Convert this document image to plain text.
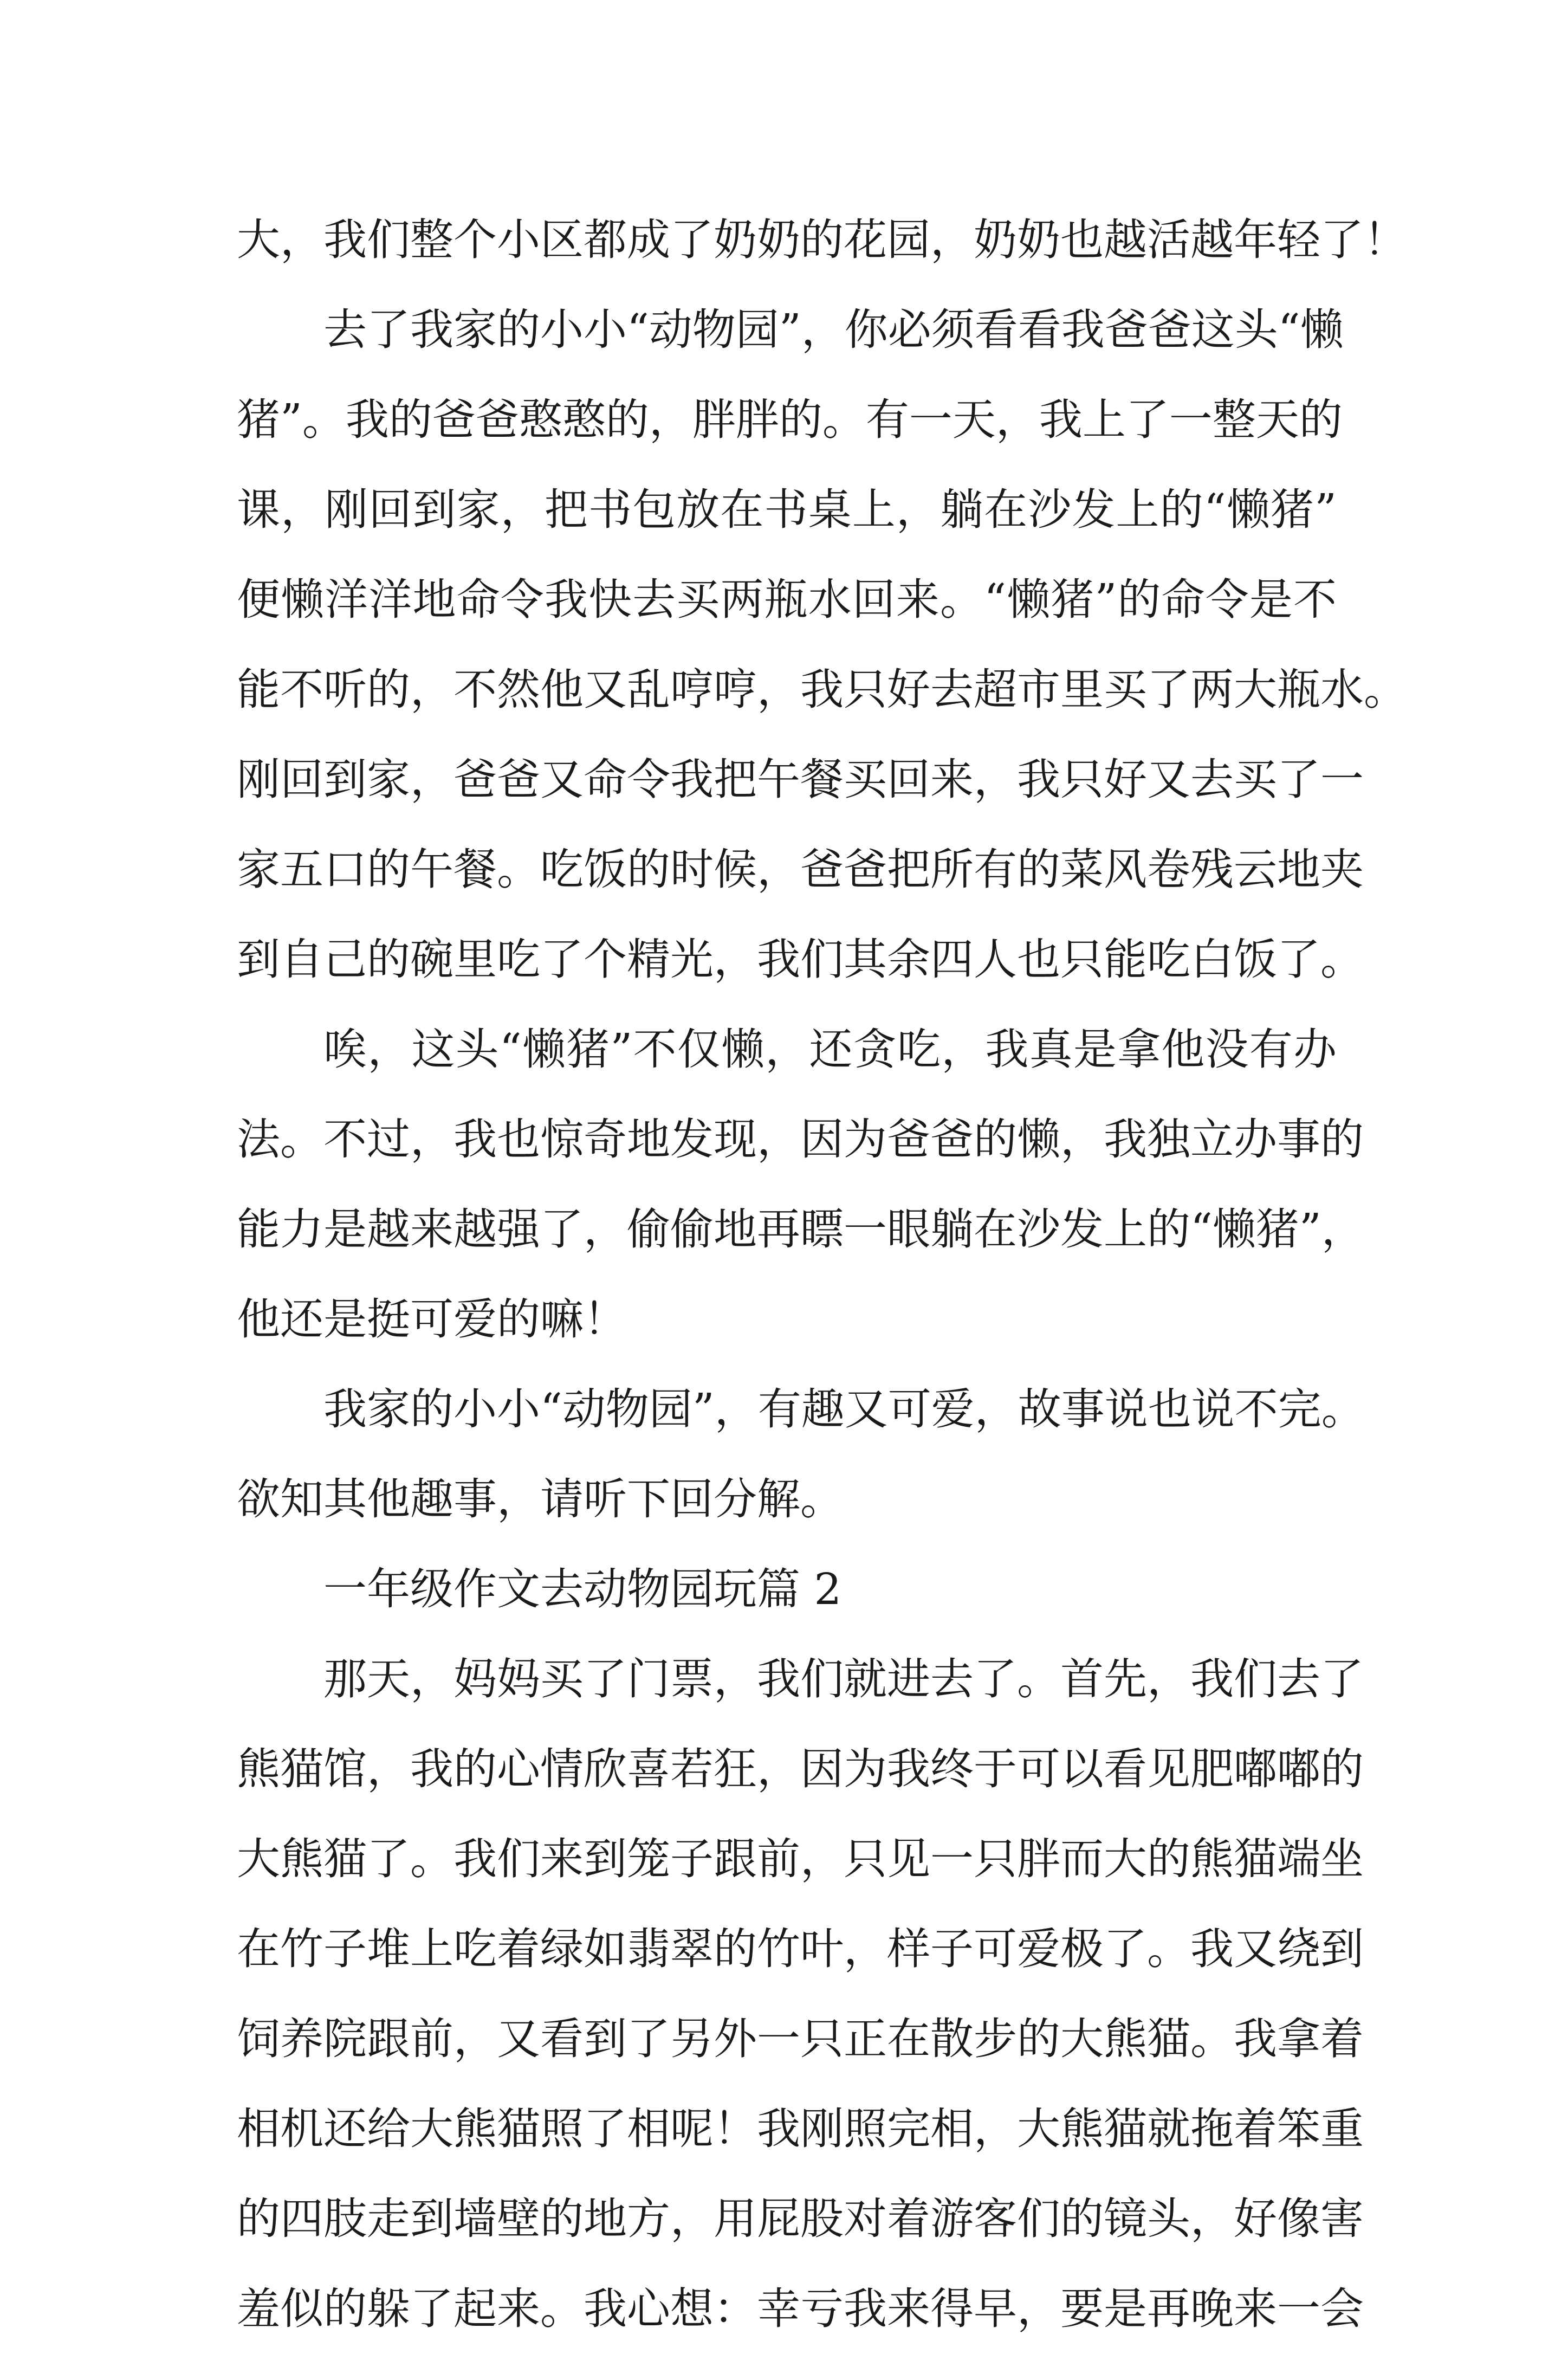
大，我们整个小区都成了奶奶的花园，奶奶也越活越年轻了！
去了我家的小小“动物园”，你必须看看我爸爸这头“懒
猪”。我的爸爸憨憨的，胖胖的。有一天，我上了一整天的
课，刚回到家，把书包放在书桌上，躺在沙发上的“懒猪”
便懒洋洋地命令我快去买两瓶水回来。“懒猪”的命令是不
能不听的，不然他又乱哼哼，我只好去超市里买了两大瓶水。
刚回到家，爸爸又命令我把午餐买回来，我只好又去买了一
家五口的午餐。吃饭的时候，爸爸把所有的菜风卷残云地夹
到自己的碗里吃了个精光，我们其余四人也只能吃白饭了。
唉，这头“懒猪”不仅懒，还贪吃，我真是拿他没有办
法。不过，我也惊奇地发现，因为爸爸的懒，我独立办事的
能力是越来越强了，偷偷地再瞟一眼躺在沙发上的“懒猪”，
他还是挺可爱的嘛！
我家的小小“动物园”，有趣又可爱，故事说也说不完。
欲知其他趣事，请听下回分解。
一年级作文去动物园玩篇 2
那天，妈妈买了门票，我们就进去了。首先，我们去了
熊猫馆，我的心情欣喜若狂，因为我终于可以看见肥嘟嘟的
大熊猫了。我们来到笼子跟前，只见一只胖而大的熊猫端坐
在竹子堆上吃着绿如翡翠的竹叶，样子可爱极了。我又绕到
饲养院跟前，又看到了另外一只正在散步的大熊猫。我拿着
相机还给大熊猫照了相呢！我刚照完相，大熊猫就拖着笨重
的四肢走到墙壁的地方，用屁股对着游客们的镜头，好像害
羞似的躲了起来。我心想：幸亏我来得早，要是再晚来一会
